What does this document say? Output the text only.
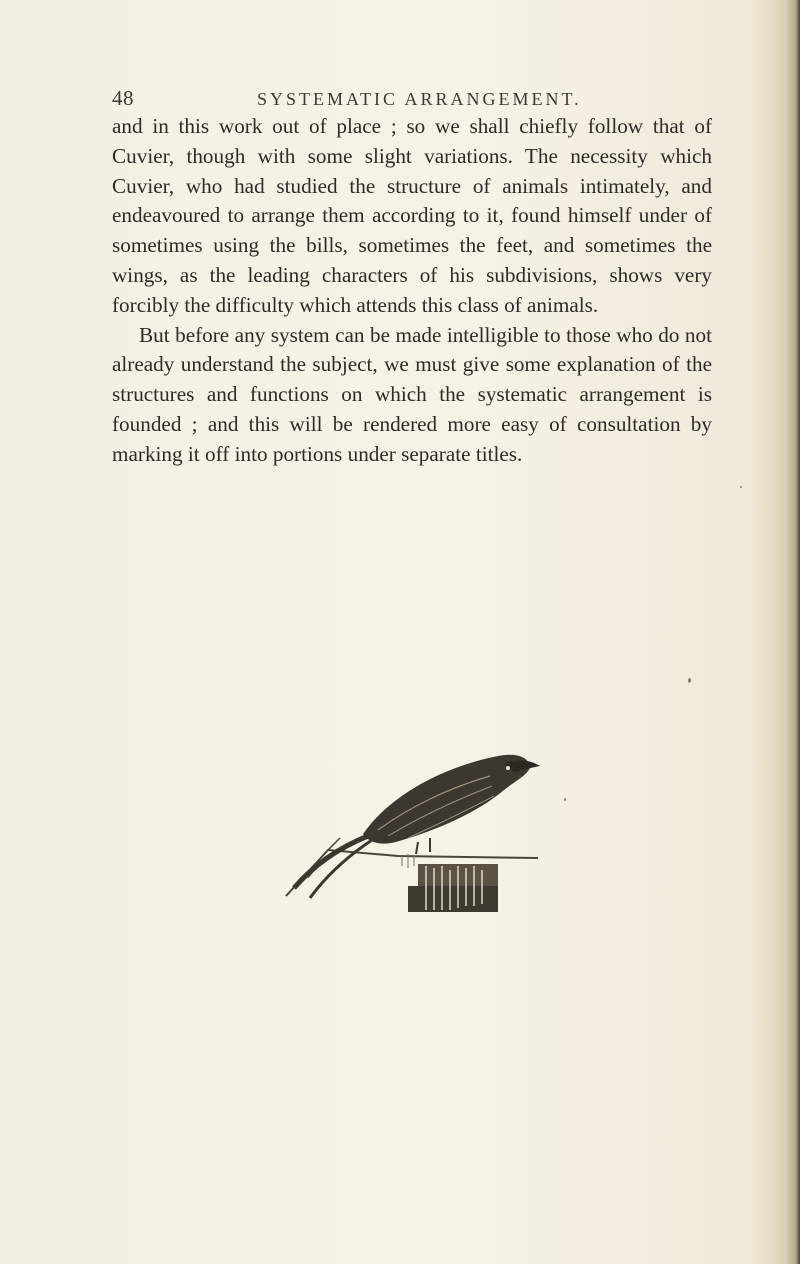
48	SYSTEMATIC ARRANGEMENT.

and in this work out of place ; so we shall chiefly follow that of Cuvier, though with some slight variations. The necessity which Cuvier, who had studied the structure of animals intimately, and endeavoured to arrange them according to it, found himself under of sometimes using the bills, sometimes the feet, and sometimes the wings, as the leading characters of his subdivisions, shows very forcibly the difficulty which attends this class of animals.

But before any system can be made intelligible to those who do not already understand the subject, we must give some explanation of the structures and functions on which the systematic arrangement is founded ; and this will be rendered more easy of consultation by marking it off into portions under separate titles.
